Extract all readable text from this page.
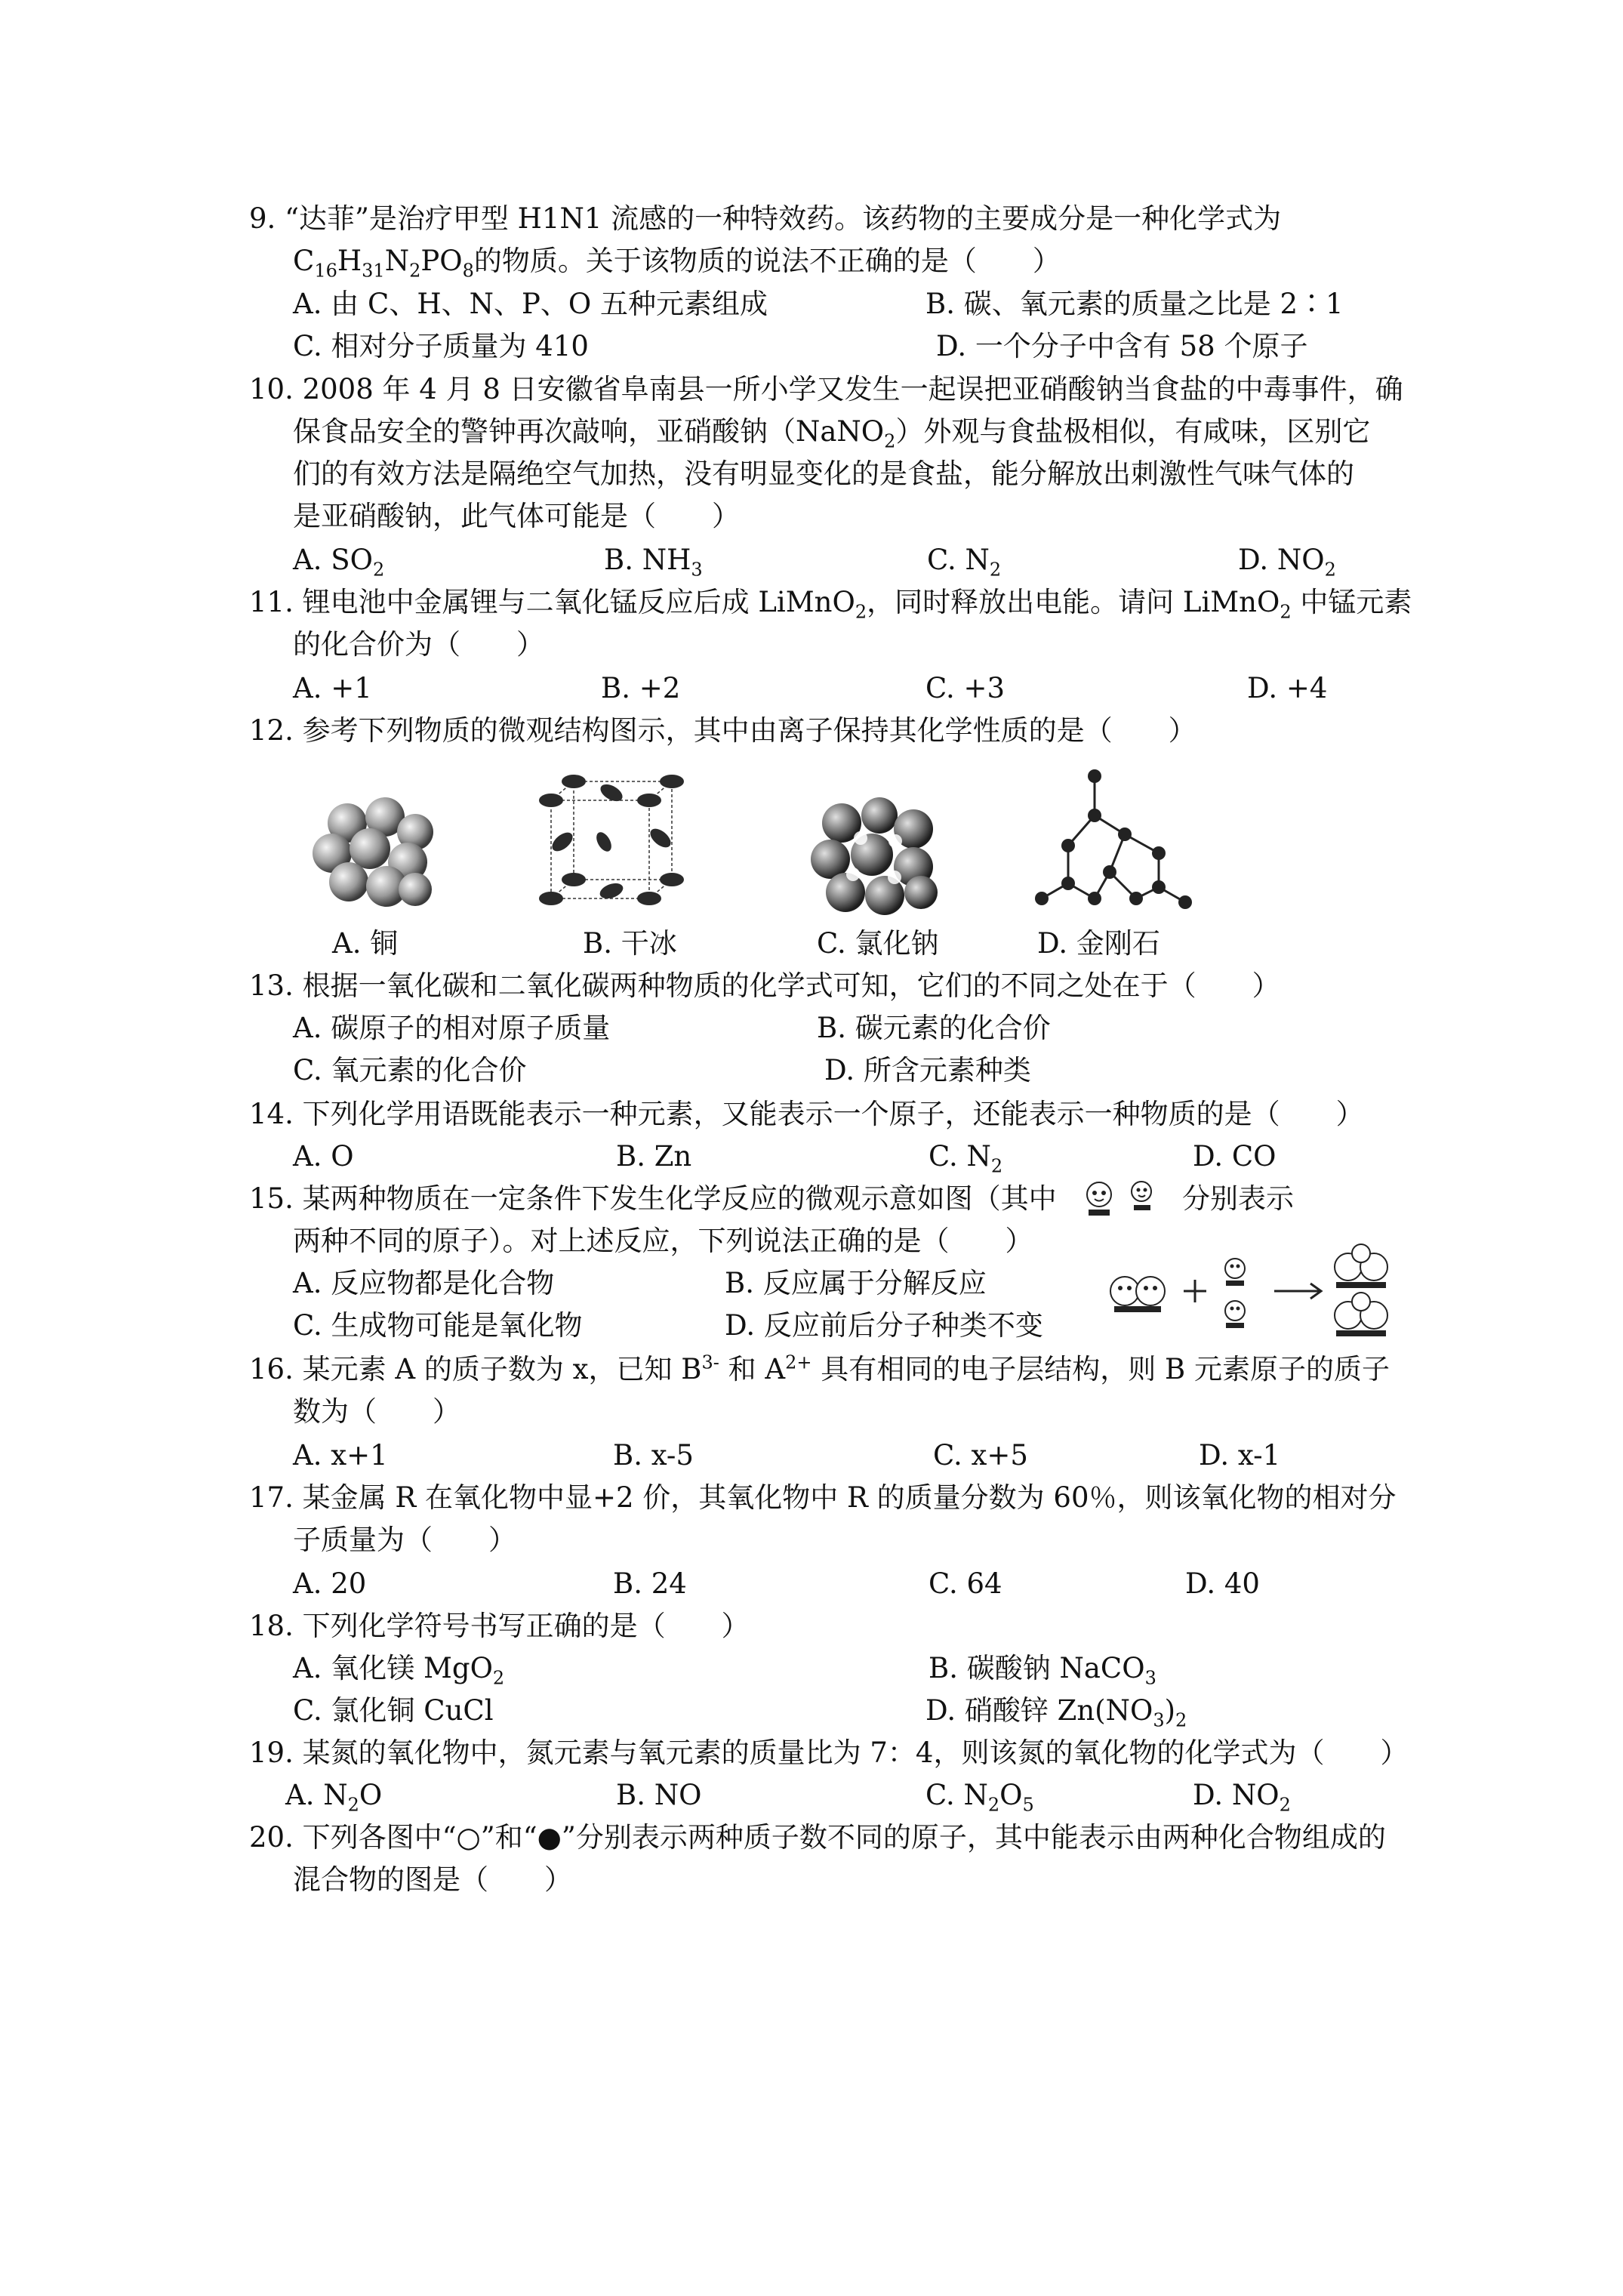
9. “达菲”是治疗甲型 H1N1 流感的一种特效药。该药物的主要成分是一种化学式为
$C_{16}H_{31}N_2PO_8$的物质。关于该物质的说法不正确的是（　　）
A. 由 C、H、N、P、O 五种元素组成	B. 碳、氧元素的质量之比是 2∶1
C. 相对分子质量为 410	D. 一个分子中含有 58 个原子
10. 2008 年 4 月 8 日安徽省阜南县一所小学又发生一起误把亚硝酸钠当食盐的中毒事件，确
保食品安全的警钟再次敲响，亚硝酸钠（NaNO$_2$）外观与食盐极相似，有咸味，区别它
们的有效方法是隔绝空气加热，没有明显变化的是食盐，能分解放出刺激性气味气体的
是亚硝酸钠，此气体可能是（　　）
A. $SO_2$	B. $NH_3$	C. $N_2$	D. $NO_2$
11. 锂电池中金属锂与二氧化锰反应后成 LiMnO$_2$，同时释放出电能。请问 LiMnO$_2$ 中锰元素
的化合价为（　　）
A. +1	B. +2	C. +3	D. +4
12. 参考下列物质的微观结构图示，其中由离子保持其化学性质的是（　　）
A. 铜	B. 干冰	C. 氯化钠	D. 金刚石
13. 根据一氧化碳和二氧化碳两种物质的化学式可知，它们的不同之处在于（　　）
A. 碳原子的相对原子质量	B. 碳元素的化合价
C. 氧元素的化合价	D. 所含元素种类
14. 下列化学用语既能表示一种元素，又能表示一个原子，还能表示一种物质的是（　　）
A. O	B. Zn	C. $N_2$	D. CO
15. 某两种物质在一定条件下发生化学反应的微观示意如图（其中	分别表示
两种不同的原子）。对上述反应，下列说法正确的是（　　）
A. 反应物都是化合物	B. 反应属于分解反应
C. 生成物可能是氧化物	D. 反应前后分子种类不变
16. 某元素 A 的质子数为 x，已知 $B^{3-}$ 和 $A^{2+}$ 具有相同的电子层结构，则 B 元素原子的质子
数为（　　）
A. x+1	B. x-5	C. x+5	D. x-1
17. 某金属 R 在氧化物中显+2 价，其氧化物中 R 的质量分数为 60％，则该氧化物的相对分
子质量为（　　）
A. 20	B. 24	C. 64	D. 40
18. 下列化学符号书写正确的是（　　）
A. 氧化镁 MgO$_2$	B. 碳酸钠 NaCO$_3$
C. 氯化铜 CuCl	D. 硝酸锌 $Zn(NO_3)_2$
19. 某氮的氧化物中，氮元素与氧元素的质量比为 7：4，则该氮的氧化物的化学式为（　　）
A. $N_2O$	B. NO	C. $N_2O_5$	D. $NO_2$
20. 下列各图中“○”和“●”分别表示两种质子数不同的原子，其中能表示由两种化合物组成的
混合物的图是（　　）
